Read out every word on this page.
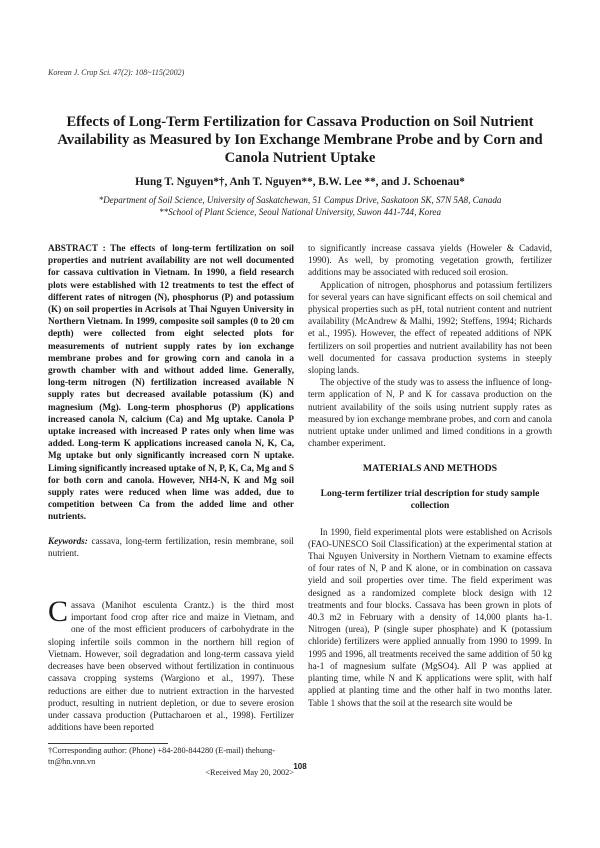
Korean J. Crop Sci. 47(2): 108~115(2002)
Effects of Long-Term Fertilization for Cassava Production on Soil Nutrient Availability as Measured by Ion Exchange Membrane Probe and by Corn and Canola Nutrient Uptake

Hung T. Nguyen*†, Anh T. Nguyen**, B.W. Lee **, and J. Schoenau*

*Department of Soil Science, University of Saskatchewan, 51 Campus Drive, Saskatoon SK, S7N 5A8, Canada
**School of Plant Science, Seoul National University, Suwon 441-744, Korea

ABSTRACT : The effects of long-term fertilization on soil properties and nutrient availability are not well documented for cassava cultivation in Vietnam. In 1990, a field research plots were established with 12 treatments to test the effect of different rates of nitrogen (N), phosphorus (P) and potassium (K) on soil properties in Acrisols at Thai Nguyen University in Northern Vietnam. In 1999, composite soil samples (0 to 20 cm depth) were collected from eight selected plots for measurements of nutrient supply rates by ion exchange membrane probes and for growing corn and canola in a growth chamber with and without added lime. Generally, long-term nitrogen (N) fertilization increased available N supply rates but decreased available potassium (K) and magnesium (Mg). Long-term phosphorus (P) applications increased canola N, calcium (Ca) and Mg uptake. Canola P uptake increased with increased P rates only when lime was added. Long-term K applications increased canola N, K, Ca, Mg uptake but only significantly increased corn N uptake. Liming significantly increased uptake of N, P, K, Ca, Mg and S for both corn and canola. However, NH4-N, K and Mg soil supply rates were reduced when lime was added, due to competition between Ca from the added lime and other nutrients.

Keywords: cassava, long-term fertilization, resin membrane, soil nutrient.

Cassava (Manihot esculenta Crantz.) is the third most important food crop after rice and maize in Vietnam, and one of the most efficient producers of carbohydrate in the sloping infertile soils common in the northern hill region of Vietnam. However, soil degradation and long-term cassava yield decreases have been observed without fertilization in continuous cassava cropping systems (Wargiono et al., 1997). These reductions are either due to nutrient extraction in the harvested product, resulting in nutrient depletion, or due to severe erosion under cassava production (Puttacharoen et al., 1998). Fertilizer additions have been reported

†Corresponding author: (Phone) +84-280-844280 (E-mail) thehung-tn@hn.vnn.vn

<Received May 20, 2002>

to significantly increase cassava yields (Howeler & Cadavid, 1990). As well, by promoting vegetation growth, fertilizer additions may be associated with reduced soil erosion.

Application of nitrogen, phosphorus and potassium fertilizers for several years can have significant effects on soil chemical and physical properties such as pH, total nutrient content and nutrient availability (McAndrew & Malhi, 1992; Steffens, 1994; Richards et al., 1995). However, the effect of repeated additions of NPK fertilizers on soil properties and nutrient availability has not been well documented for cassava production systems in steeply sloping lands.

The objective of the study was to assess the influence of long-term application of N, P and K for cassava production on the nutrient availability of the soils using nutrient supply rates as measured by ion exchange membrane probes, and corn and canola nutrient uptake under unlimed and limed conditions in a growth chamber experiment.

MATERIALS AND METHODS
Long-term fertilizer trial description for study sample collection

In 1990, field experimental plots were established on Acrisols (FAO-UNESCO Soil Classification) at the experimental station at Thai Nguyen University in Northern Vietnam to examine effects of four rates of N, P and K alone, or in combination on cassava yield and soil properties over time. The field experiment was designed as a randomized complete block design with 12 treatments and four blocks. Cassava has been grown in plots of 40.3 m2 in February with a density of 14,000 plants ha-1. Nitrogen (urea), P (single super phosphate) and K (potassium chloride) fertilizers were applied annually from 1990 to 1999. In 1995 and 1996, all treatments received the same addition of 50 kg ha-1 of magnesium sulfate (MgSO4). All P was applied at planting time, while N and K applications were split, with half applied at planting time and the other half in two months later. Table 1 shows that the soil at the research site would be

108
